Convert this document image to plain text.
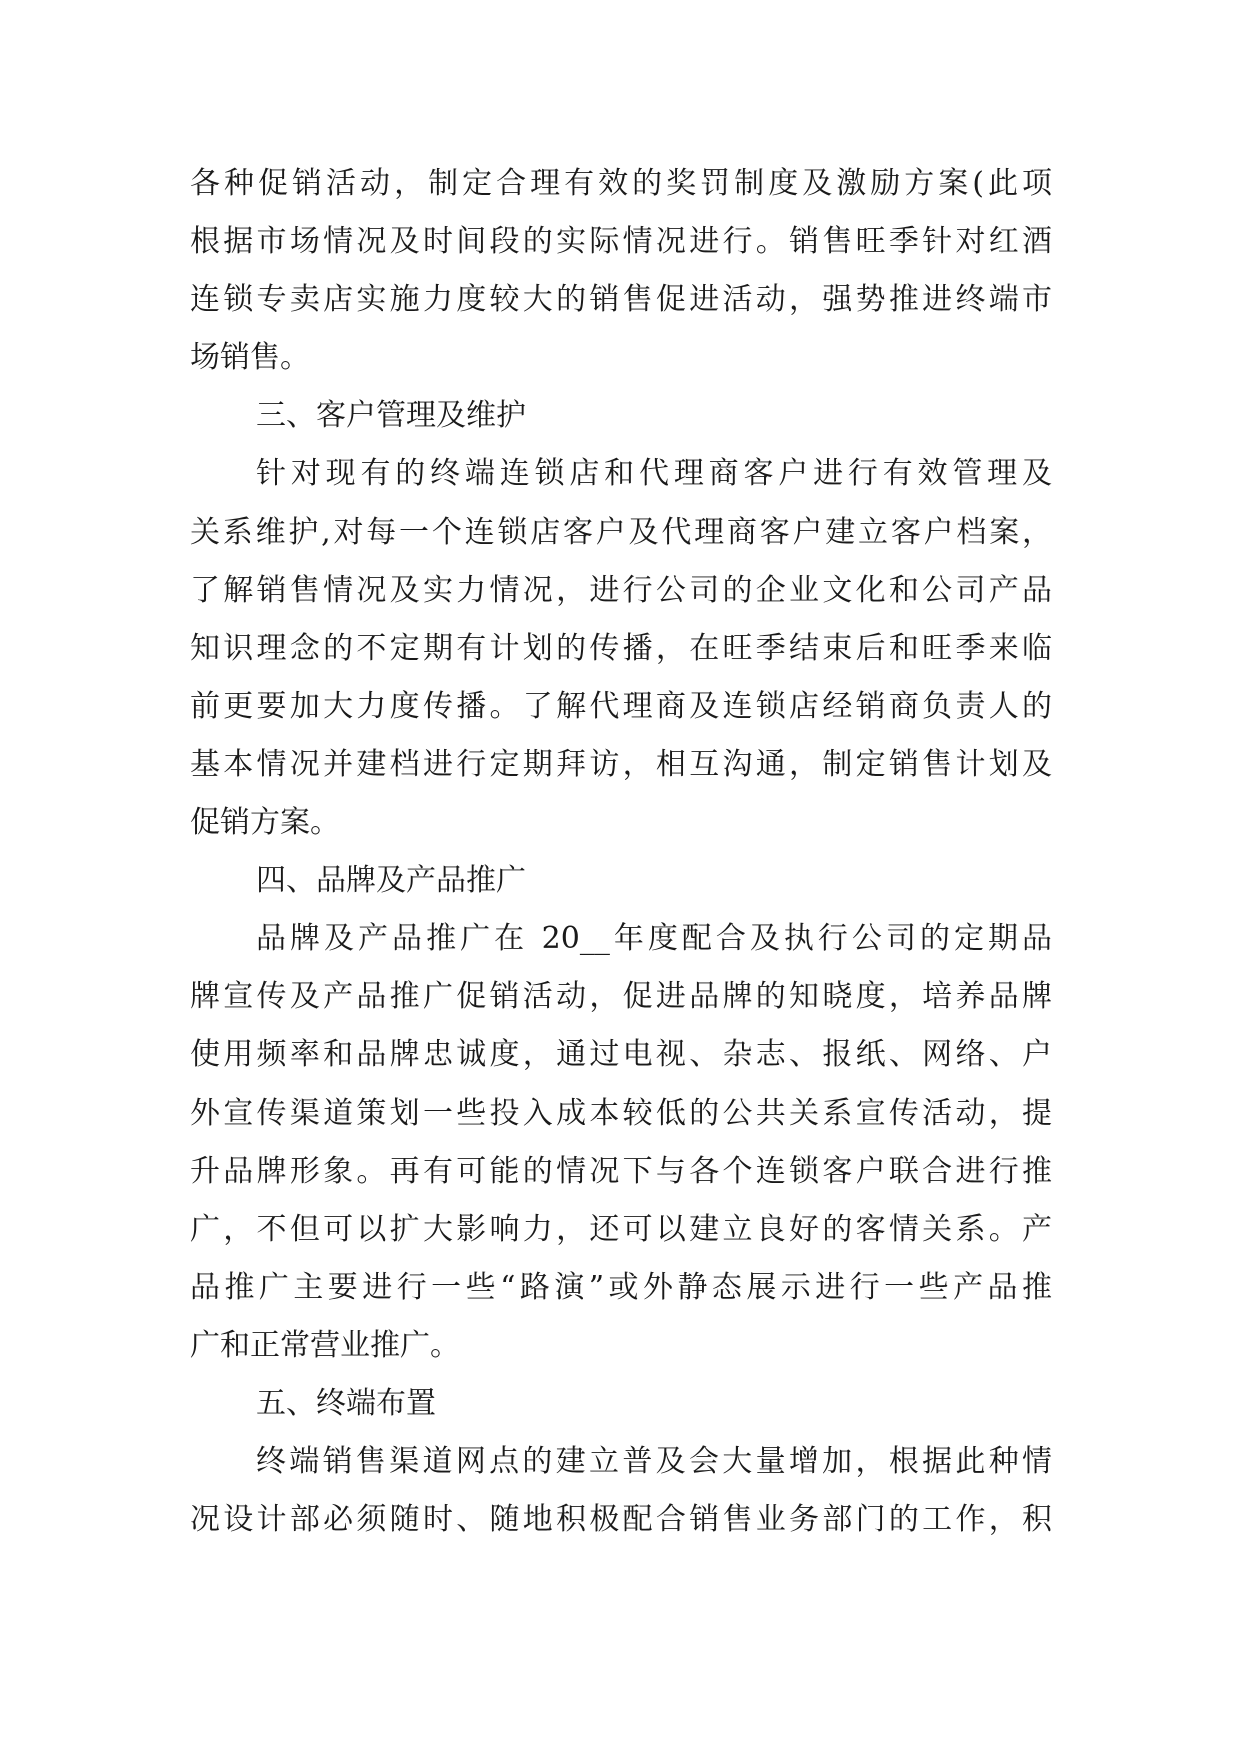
各种促销活动，制定合理有效的奖罚制度及激励方案(此项
根据市场情况及时间段的实际情况进行。销售旺季针对红酒
连锁专卖店实施力度较大的销售促进活动，强势推进终端市
场销售。
三、客户管理及维护
针对现有的终端连锁店和代理商客户进行有效管理及
关系维护,对每一个连锁店客户及代理商客户建立客户档案，
了解销售情况及实力情况，进行公司的企业文化和公司产品
知识理念的不定期有计划的传播，在旺季结束后和旺季来临
前更要加大力度传播。了解代理商及连锁店经销商负责人的
基本情况并建档进行定期拜访，相互沟通，制定销售计划及
促销方案。
四、品牌及产品推广
品牌及产品推广在 20__年度配合及执行公司的定期品
牌宣传及产品推广促销活动，促进品牌的知晓度，培养品牌
使用频率和品牌忠诚度，通过电视、杂志、报纸、网络、户
外宣传渠道策划一些投入成本较低的公共关系宣传活动，提
升品牌形象。再有可能的情况下与各个连锁客户联合进行推
广，不但可以扩大影响力，还可以建立良好的客情关系。产
品推广主要进行一些“路演”或外静态展示进行一些产品推
广和正常营业推广。
五、终端布置
终端销售渠道网点的建立普及会大量增加，根据此种情
况设计部必须随时、随地积极配合销售业务部门的工作，积
